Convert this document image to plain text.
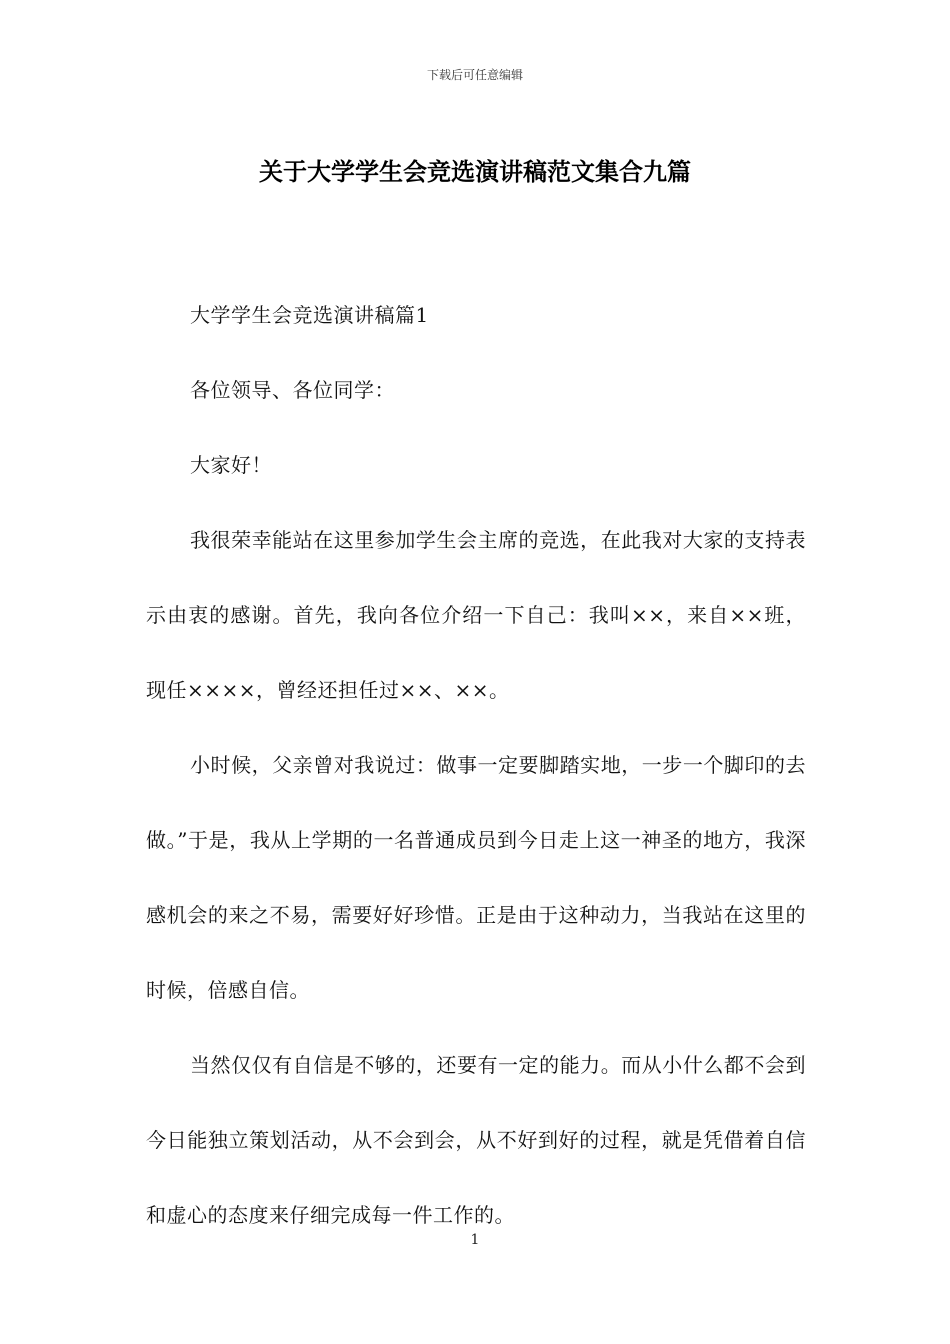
下载后可任意编辑
关于大学学生会竞选演讲稿范文集合九篇

大学学生会竞选演讲稿篇1

各位领导、各位同学：

大家好！

我很荣幸能站在这里参加学生会主席的竞选，在此我对大家的支持表示由衷的感谢。首先，我向各位介绍一下自己：我叫××，来自××班，现任××××，曾经还担任过××、××。

小时候，父亲曾对我说过：做事一定要脚踏实地，一步一个脚印的去做。”于是，我从上学期的一名普通成员到今日走上这一神圣的地方，我深感机会的来之不易，需要好好珍惜。正是由于这种动力，当我站在这里的时候，倍感自信。

当然仅仅有自信是不够的，还要有一定的能力。而从小什么都不会到今日能独立策划活动，从不会到会，从不好到好的过程，就是凭借着自信和虚心的态度来仔细完成每一件工作的。

1
